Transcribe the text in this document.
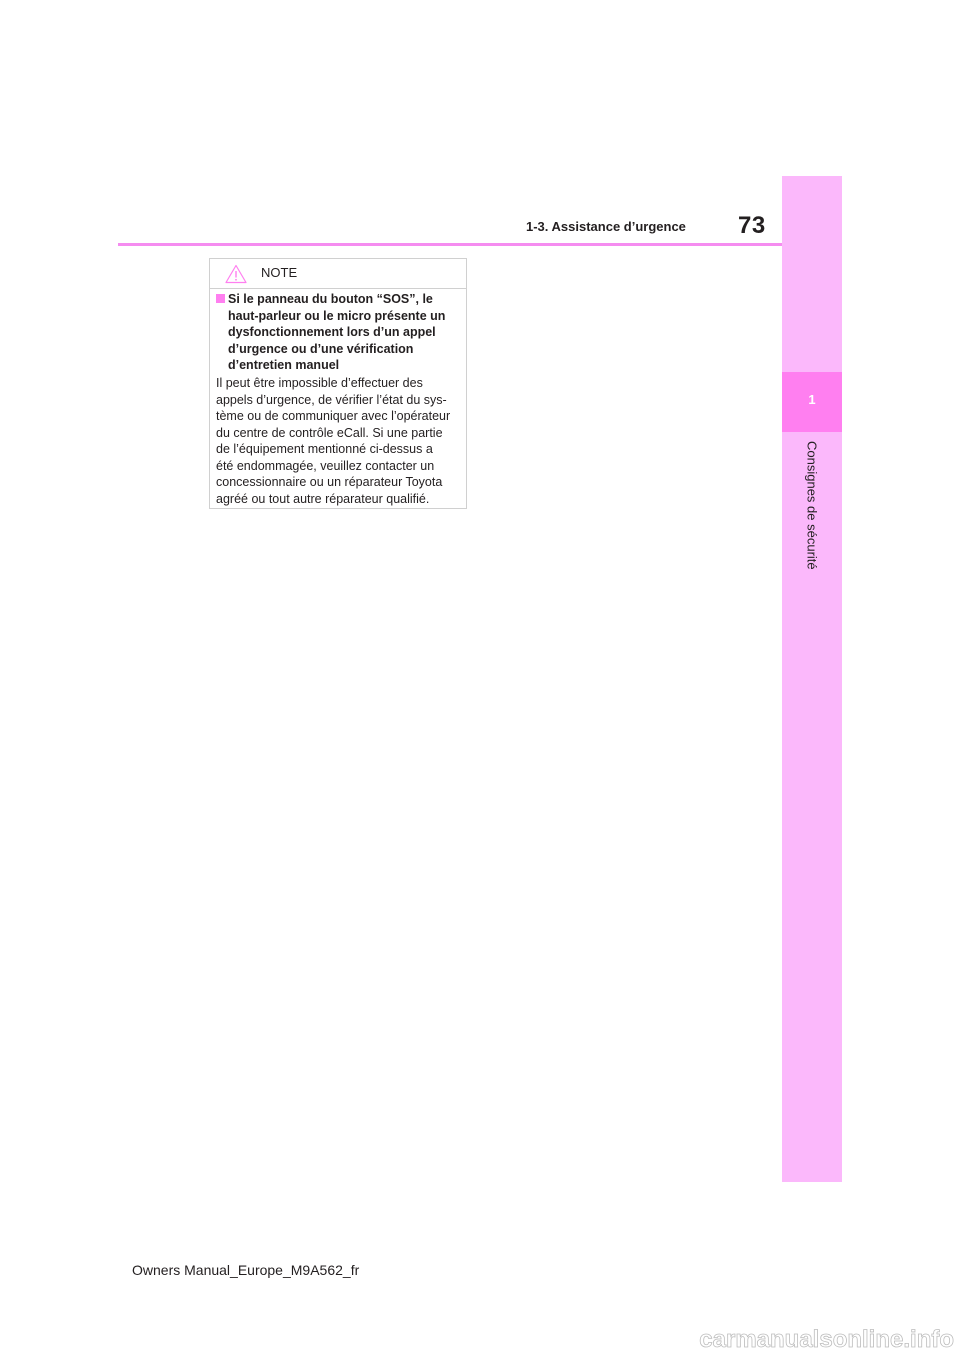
73
1-3. Assistance d’urgence
1
Consignes de sécurité
NOTE
Si le panneau du bouton “SOS”, le
haut-parleur ou le micro présente un
dysfonctionnement lors d’un appel
d’urgence ou d’une vérification
d’entretien manuel
Il peut être impossible d’effectuer des
appels d’urgence, de vérifier l’état du sys-
tème ou de communiquer avec l’opérateur
du centre de contrôle eCall. Si une partie
de l’équipement mentionné ci-dessus a
été endommagée, veuillez contacter un
concessionnaire ou un réparateur Toyota
agréé ou tout autre réparateur qualifié.
Owners Manual_Europe_M9A562_fr
carmanualsonline.info
